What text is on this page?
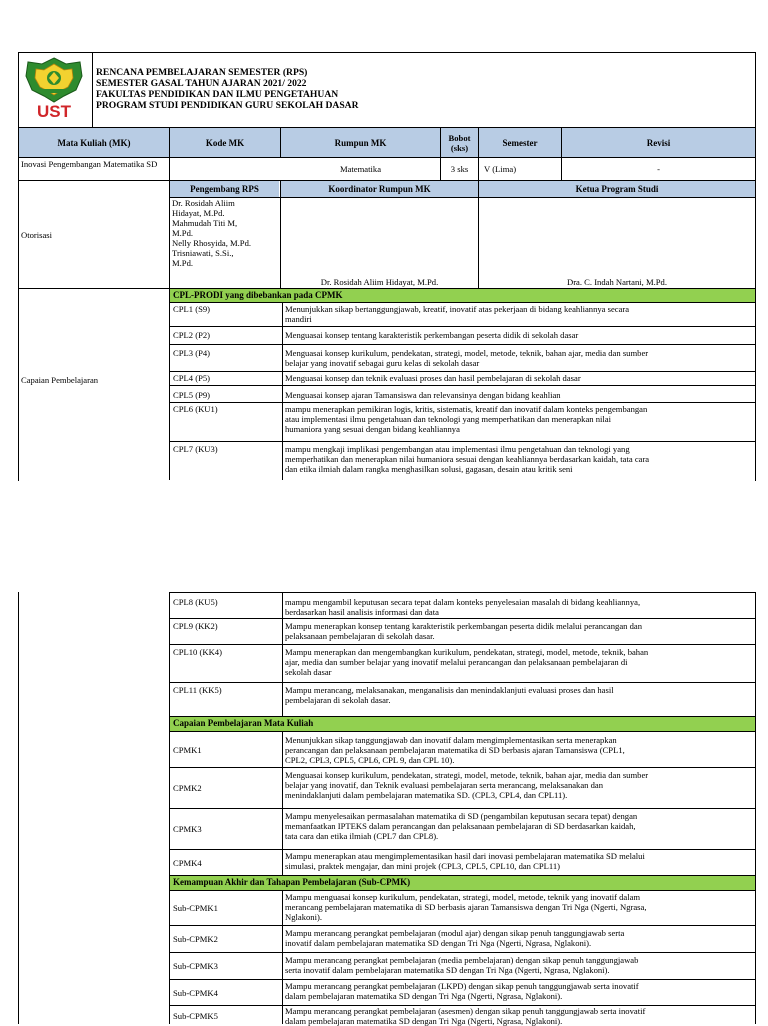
UST
RENCANA PEMBELAJARAN SEMESTER (RPS)
SEMESTER GASAL TAHUN AJARAN 2021/ 2022
FAKULTAS PENDIDIKAN DAN ILMU PENGETAHUAN
PROGRAM STUDI PENDIDIKAN GURU SEKOLAH DASAR
Mata Kuliah (MK)	Kode MK	Rumpun MK	Bobot (sks)	Semester	Revisi
Inovasi Pengembangan Matematika SD	Matematika	3 sks	V (Lima)	-
Otorisasi
Pengembang RPS	Koordinator Rumpun MK	Ketua Program Studi
Dr. Rosidah Aliim
Hidayat, M.Pd.
Mahmudah Titi M,
M.Pd.
Nelly Rhosyida, M.Pd.
Trisniawati, S.Si.,
M.Pd.
Dr. Rosidah Aliim Hidayat, M.Pd.	Dra. C. Indah Nartani, M.Pd.
CPL-PRODI yang dibebankan pada CPMK
Capaian Pembelajaran
CPL1 (S9)	Menunjukkan sikap bertanggungjawab, kreatif, inovatif atas pekerjaan di bidang keahliannya secara
mandiri
CPL2 (P2)	Menguasai konsep tentang karakteristik perkembangan peserta didik di sekolah dasar
CPL3 (P4)	Menguasai konsep kurikulum, pendekatan, strategi, model, metode, teknik, bahan ajar, media dan sumber
belajar yang inovatif sebagai guru kelas di sekolah dasar
CPL4 (P5)	Menguasai konsep dan teknik evaluasi proses dan hasil pembelajaran di sekolah dasar
CPL5 (P9)	Menguasai konsep ajaran Tamansiswa dan relevansinya dengan bidang keahlian
CPL6 (KU1)	mampu menerapkan pemikiran logis, kritis, sistematis, kreatif dan inovatif dalam konteks pengembangan
atau implementasi ilmu pengetahuan dan teknologi yang memperhatikan dan menerapkan nilai
humaniora yang sesuai dengan bidang keahliannya
CPL7 (KU3)	mampu mengkaji implikasi pengembangan atau implementasi ilmu pengetahuan dan teknologi yang
memperhatikan dan menerapkan nilai humaniora sesuai dengan keahliannya berdasarkan kaidah, tata cara
dan etika ilmiah dalam rangka menghasilkan solusi, gagasan, desain atau kritik seni
CPL8 (KU5)	mampu mengambil keputusan secara tepat dalam konteks penyelesaian masalah di bidang keahliannya,
berdasarkan hasil analisis informasi dan data
CPL9 (KK2)	Mampu menerapkan konsep tentang karakteristik perkembangan peserta didik melalui perancangan dan
pelaksanaan pembelajaran di sekolah dasar.
CPL10 (KK4)	Mampu menerapkan dan mengembangkan kurikulum, pendekatan, strategi, model, metode, teknik, bahan
ajar, media dan sumber belajar yang inovatif melalui perancangan dan pelaksanaan pembelajaran di
sekolah dasar
CPL11 (KK5)	Mampu merancang, melaksanakan, menganalisis dan menindaklanjuti evaluasi proses dan hasil
pembelajaran di sekolah dasar.
Capaian Pembelajaran Mata Kuliah
CPMK1
Menunjukkan sikap tanggungjawab dan inovatif dalam mengimplementasikan serta menerapkan
perancangan dan pelaksanaan pembelajaran matematika di SD berbasis ajaran Tamansiswa (CPL1,
CPL2, CPL3, CPL5, CPL6, CPL 9, dan CPL 10).
CPMK2
Menguasai konsep kurikulum, pendekatan, strategi, model, metode, teknik, bahan ajar, media dan sumber
belajar yang inovatif, dan Teknik evaluasi pembelajaran serta merancang, melaksanakan dan
menindaklanjuti dalam pembelajaran matematika SD. (CPL3, CPL4, dan CPL11).
CPMK3
Mampu menyelesaikan permasalahan matematika di SD (pengambilan keputusan secara tepat) dengan
memanfaatkan IPTEKS dalam perancangan dan pelaksanaan pembelajaran di SD berdasarkan kaidah,
tata cara dan etika ilmiah (CPL7 dan CPL8).
CPMK4
Mampu menerapkan atau mengimplementasikan hasil dari inovasi pembelajaran matematika SD melalui
simulasi, praktek mengajar, dan mini projek (CPL3, CPL5, CPL10, dan CPL11)
Kemampuan Akhir dan Tahapan Pembelajaran (Sub-CPMK)
Sub-CPMK1
Mampu menguasai konsep kurikulum, pendekatan, strategi, model, metode, teknik yang inovatif dalam
merancang pembelajaran matematika di SD berbasis ajaran Tamansiswa dengan Tri Nga (Ngerti, Ngrasa,
Nglakoni).
Sub-CPMK2
Mampu merancang perangkat pembelajaran (modul ajar) dengan sikap penuh tanggungjawab serta
inovatif dalam pembelajaran matematika SD dengan Tri Nga (Ngerti, Ngrasa, Nglakoni).
Sub-CPMK3
Mampu merancang perangkat pembelajaran (media pembelajaran) dengan sikap penuh tanggungjawab
serta inovatif dalam pembelajaran matematika SD dengan Tri Nga (Ngerti, Ngrasa, Nglakoni).
Sub-CPMK4
Mampu merancang perangkat pembelajaran (LKPD) dengan sikap penuh tanggungjawab serta inovatif
dalam pembelajaran matematika SD dengan Tri Nga (Ngerti, Ngrasa, Nglakoni).
Sub-CPMK5	Mampu merancang perangkat pembelajaran (asesmen) dengan sikap penuh tanggungjawab serta inovatif
dalam pembelajaran matematika SD dengan Tri Nga (Ngerti, Ngrasa, Nglakoni).
